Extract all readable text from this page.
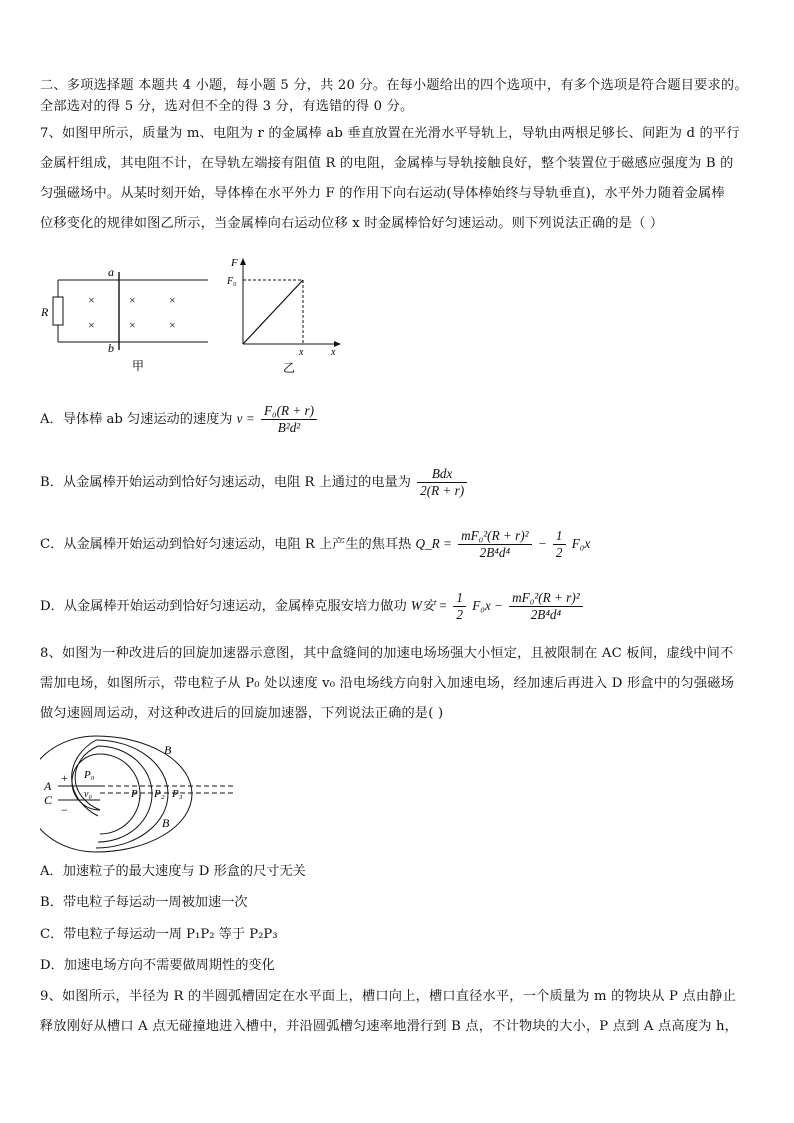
二、多项选择题 本题共 4 小题，每小题 5 分，共 20 分。在每小题给出的四个选项中，有多个选项是符合题目要求的。
全部选对的得 5 分，选对但不全的得 3 分，有选错的得 0 分。
7、如图甲所示，质量为 m、电阻为 r 的金属棒 ab 垂直放置在光滑水平导轨上，导轨由两根足够长、间距为 d 的平行
金属杆组成，其电阻不计，在导轨左端接有阻值 R 的电阻，金属棒与导轨接触良好，整个装置位于磁感应强度为 B 的
匀强磁场中。从某时刻开始，导体棒在水平外力 F 的作用下向右运动(导体棒始终与导轨垂直)，水平外力随着金属棒
位移变化的规律如图乙所示，当金属棒向右运动位移 x 时金属棒恰好匀速运动。则下列说法正确的是（ ）
R
a
b
×	×	×
×	×	×
甲
F
F₀
x	x
乙
A．导体棒 ab 匀速运动的速度为 $v = \frac{\text{F₀(R + r)}}{\text{B²d²}}$
B．从金属棒开始运动到恰好匀速运动，电阻 R 上通过的电量为 $\frac{\text{Bdx}}{2(R + r)}$
C．从金属棒开始运动到恰好匀速运动，电阻 R 上产生的焦耳热 Q_R = $\frac{\text{mF₀²(R + r)²}}{\text{2B⁴d⁴}} - \frac{1}{2} F_0x$
D．从金属棒开始运动到恰好匀速运动，金属棒克服安培力做功 W安 = $\frac{1}{2} F_0x - \frac{\text{mF₀²(R + r)²}}{\text{2B⁴d⁴}}$
8、如图为一种改进后的回旋加速器示意图，其中盒缝间的加速电场场强大小恒定，且被限制在 AC 板间，虚线中间不
需加电场，如图所示，带电粒子从 P₀ 处以速度 v₀ 沿电场线方向射入加速电场，经加速后再进入 D 形盒中的匀强磁场
做匀速圆周运动，对这种改进后的回旋加速器，下列说法正确的是( )
A
C
+
−
P₀
v₀	P₁ P₂ P₃
B
B
A．加速粒子的最大速度与 D 形盒的尺寸无关
B．带电粒子每运动一周被加速一次
C．带电粒子每运动一周 P₁P₂ 等于 P₂P₃
D．加速电场方向不需要做周期性的变化
9、如图所示，半径为 R 的半圆弧槽固定在水平面上，槽口向上，槽口直径水平，一个质量为 m 的物块从 P 点由静止
释放刚好从槽口 A 点无碰撞地进入槽中，并沿圆弧槽匀速率地滑行到 B 点，不计物块的大小，P 点到 A 点高度为 h，
